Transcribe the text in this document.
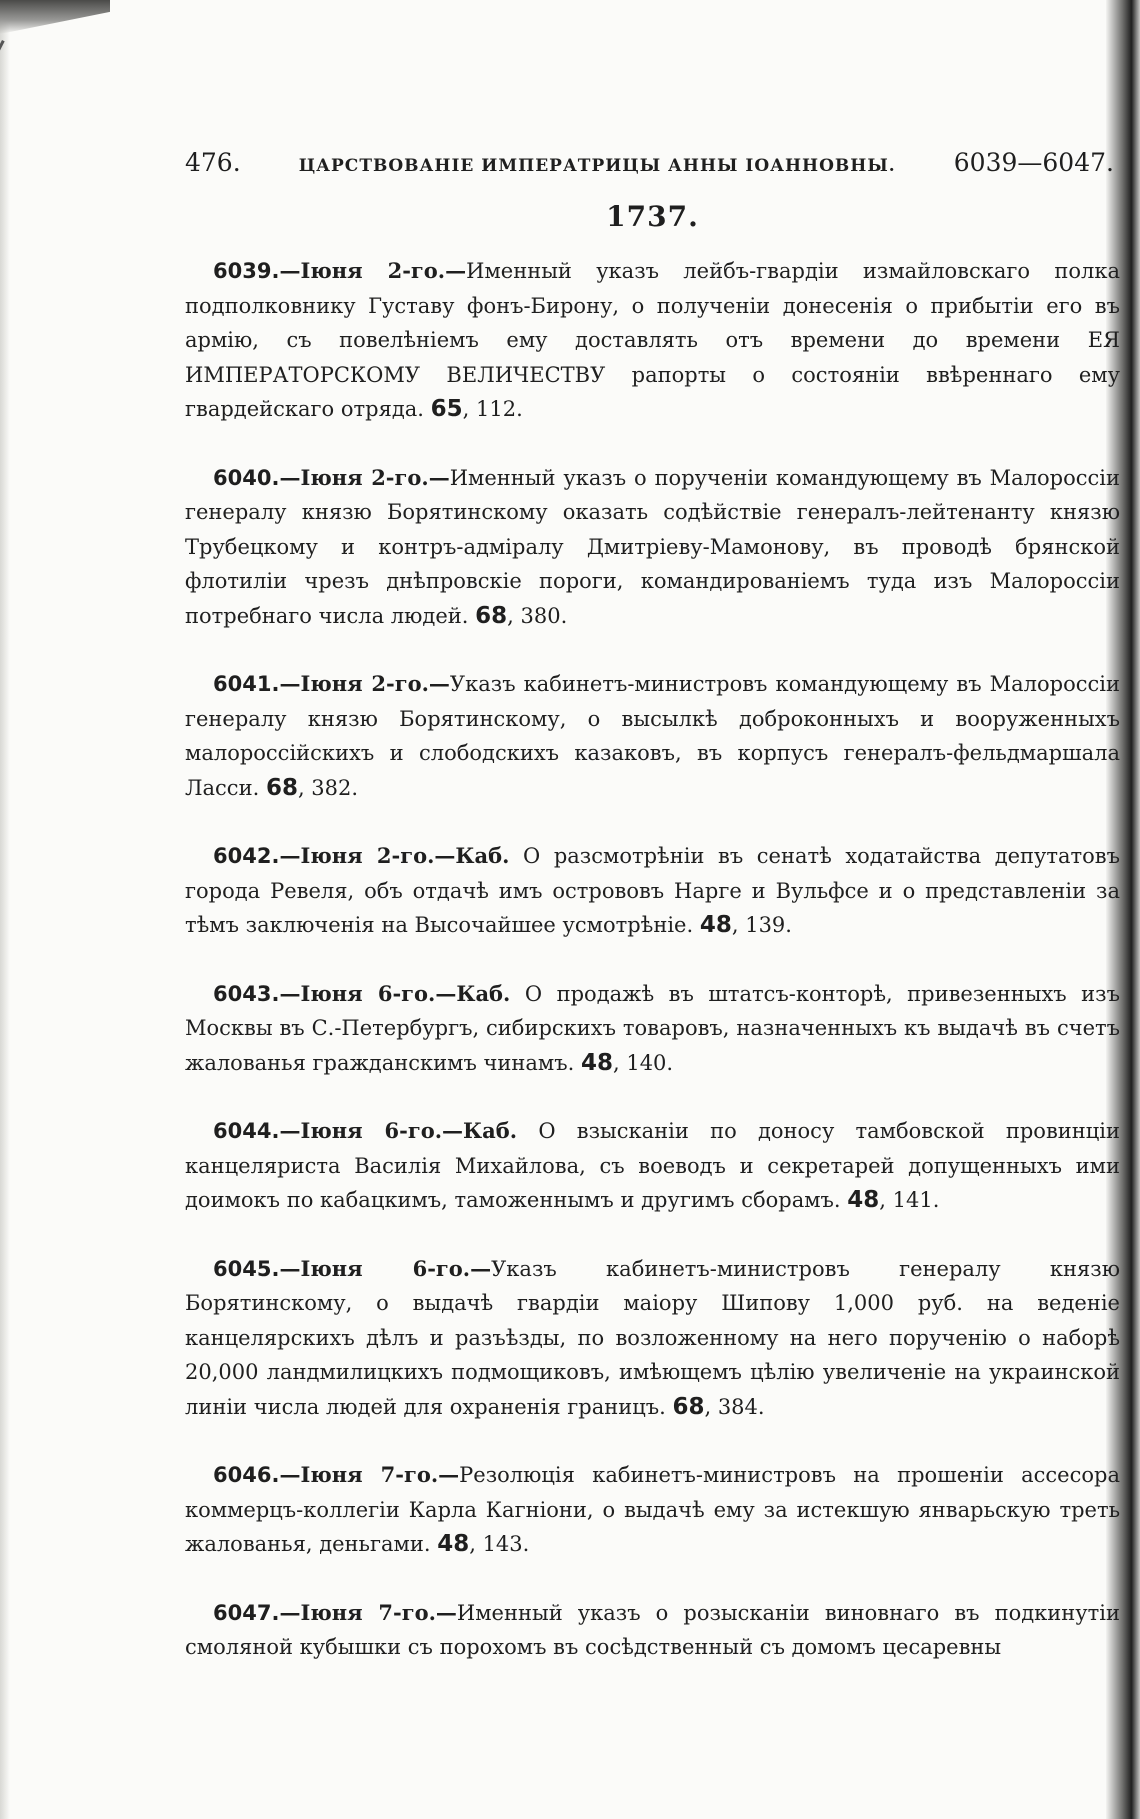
476.	ЦАРСТВОВАНІЕ ИМПЕРАТРИЦЫ АННЫ ІОАННОВНЫ. 6039—6047.
1737.

6039.—Іюня 2-го.—Именный указъ лейбъ-гвардіи измайловскаго полка подполковнику Густаву фонъ-Бирону, о полученіи донесенія о прибытіи его въ армію, съ повелѣніемъ ему доставлять отъ времени до времени ЕЯ ИМПЕРАТОРСКОМУ ВЕЛИЧЕСТВУ рапорты о состояніи ввѣреннаго ему гвардейскаго отряда. 65, 112.

6040.—Іюня 2-го.—Именный указъ о порученіи командующему въ Малороссіи генералу князю Борятинскому оказать содѣйствіе генералъ-лейтенанту князю Трубецкому и контръ-адміралу Дмитріеву-Мамонову, въ проводѣ брянской флотиліи чрезъ днѣпровскіе пороги, командированіемъ туда изъ Малороссіи потребнаго числа людей. 68, 380.

6041.—Іюня 2-го.—Указъ кабинетъ-министровъ командующему въ Малороссіи генералу князю Борятинскому, о высылкѣ доброконныхъ и вооруженныхъ малороссійскихъ и слободскихъ казаковъ, въ корпусъ генералъ-фельдмаршала Ласси. 68, 382.

6042.—Іюня 2-го.—Каб. О разсмотрѣніи въ сенатѣ ходатайства депутатовъ города Ревеля, объ отдачѣ имъ острововъ Нарге и Вульфсе и о представленіи за тѣмъ заключенія на Высочайшее усмотрѣніе. 48, 139.

6043.—Іюня 6-го.—Каб. О продажѣ въ штатсъ-конторѣ, привезенныхъ изъ Москвы въ С.-Петербургъ, сибирскихъ товаровъ, назначенныхъ къ выдачѣ въ счетъ жалованья гражданскимъ чинамъ. 48, 140.

6044.—Іюня 6-го.—Каб. О взысканіи по доносу тамбовской провинціи канцеляриста Василія Михайлова, съ воеводъ и секретарей допущенныхъ ими доимокъ по кабацкимъ, таможеннымъ и другимъ сборамъ. 48, 141.

6045.—Іюня 6-го.—Указъ кабинетъ-министровъ генералу князю Борятинскому, о выдачѣ гвардіи маіору Шипову 1,000 руб. на веденіе канцелярскихъ дѣлъ и разъѣзды, по возложенному на него порученію о наборѣ 20,000 ландмилицкихъ подмощиковъ, имѣющемъ цѣлію увеличеніе на украинской линіи числа людей для охраненія границъ. 68, 384.

6046.—Іюня 7-го.—Резолюція кабинетъ-министровъ на прошеніи ассесора коммерцъ-коллегіи Карла Кагніони, о выдачѣ ему за истекшую январьскую треть жалованья, деньгами. 48, 143.

6047.—Іюня 7-го.—Именный указъ о розысканіи виновнаго въ подкинутіи смоляной кубышки съ порохомъ въ сосѣдственный съ домомъ цесаревны
